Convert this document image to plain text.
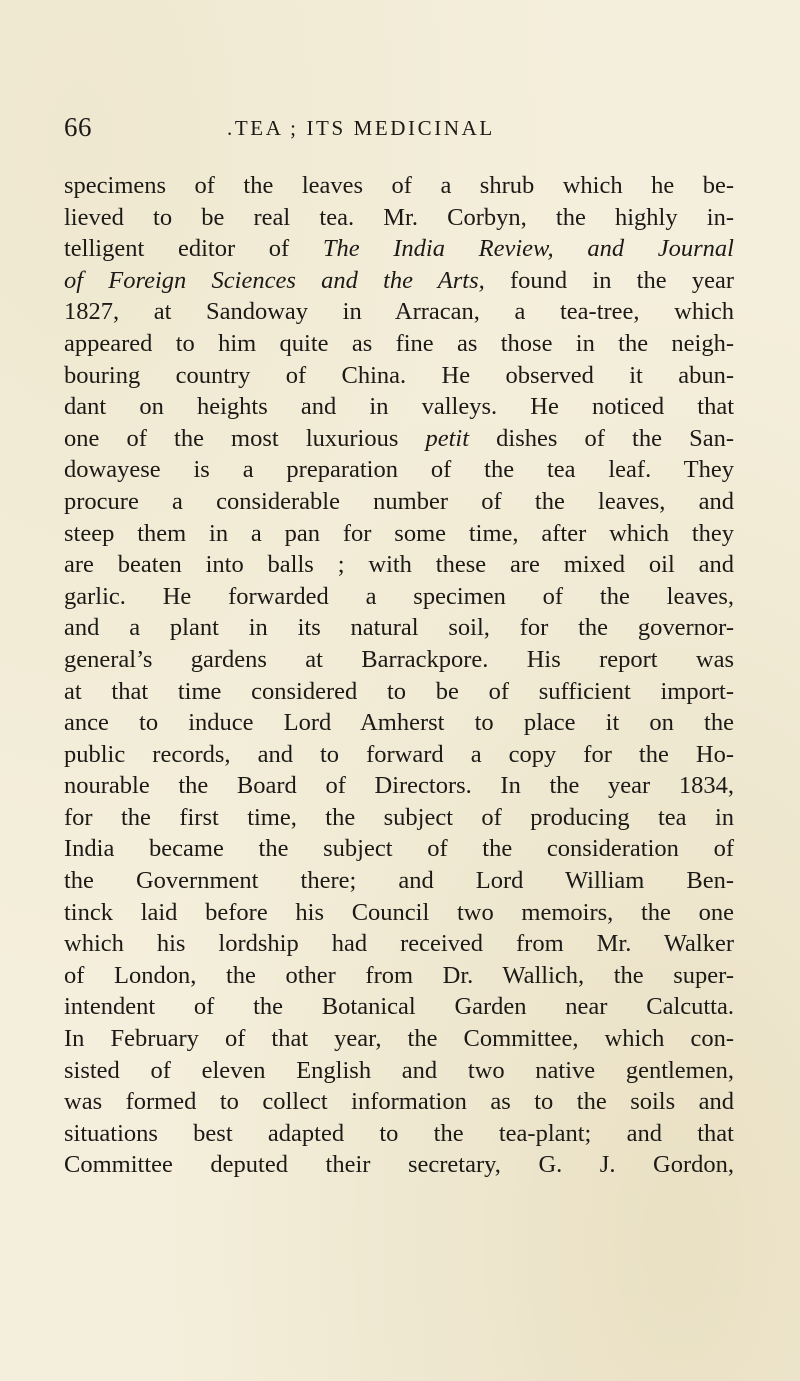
66	.TEA ; ITS MEDICINAL
specimens of the leaves of a shrub which he be-
lieved to be real tea. Mr. Corbyn, the highly in-
telligent editor of The India Review, and Journal
of Foreign Sciences and the Arts, found in the year
1827, at Sandoway in Arracan, a tea-tree, which
appeared to him quite as fine as those in the neigh-
bouring country of China. He observed it abun-
dant on heights and in valleys. He noticed that
one of the most luxurious petit dishes of the San-
dowayese is a preparation of the tea leaf. They
procure a considerable number of the leaves, and
steep them in a pan for some time, after which they
are beaten into balls ; with these are mixed oil and
garlic. He forwarded a specimen of the leaves,
and a plant in its natural soil, for the governor-
general’s gardens at Barrackpore. His report was
at that time considered to be of sufficient import-
ance to induce Lord Amherst to place it on the
public records, and to forward a copy for the Ho-
nourable the Board of Directors. In the year 1834,
for the first time, the subject of producing tea in
India became the subject of the consideration of
the Government there; and Lord William Ben-
tinck laid before his Council two memoirs, the one
which his lordship had received from Mr. Walker
of London, the other from Dr. Wallich, the super-
intendent of the Botanical Garden near Calcutta.
In February of that year, the Committee, which con-
sisted of eleven English and two native gentlemen,
was formed to collect information as to the soils and
situations best adapted to the tea-plant; and that
Committee deputed their secretary, G. J. Gordon,
